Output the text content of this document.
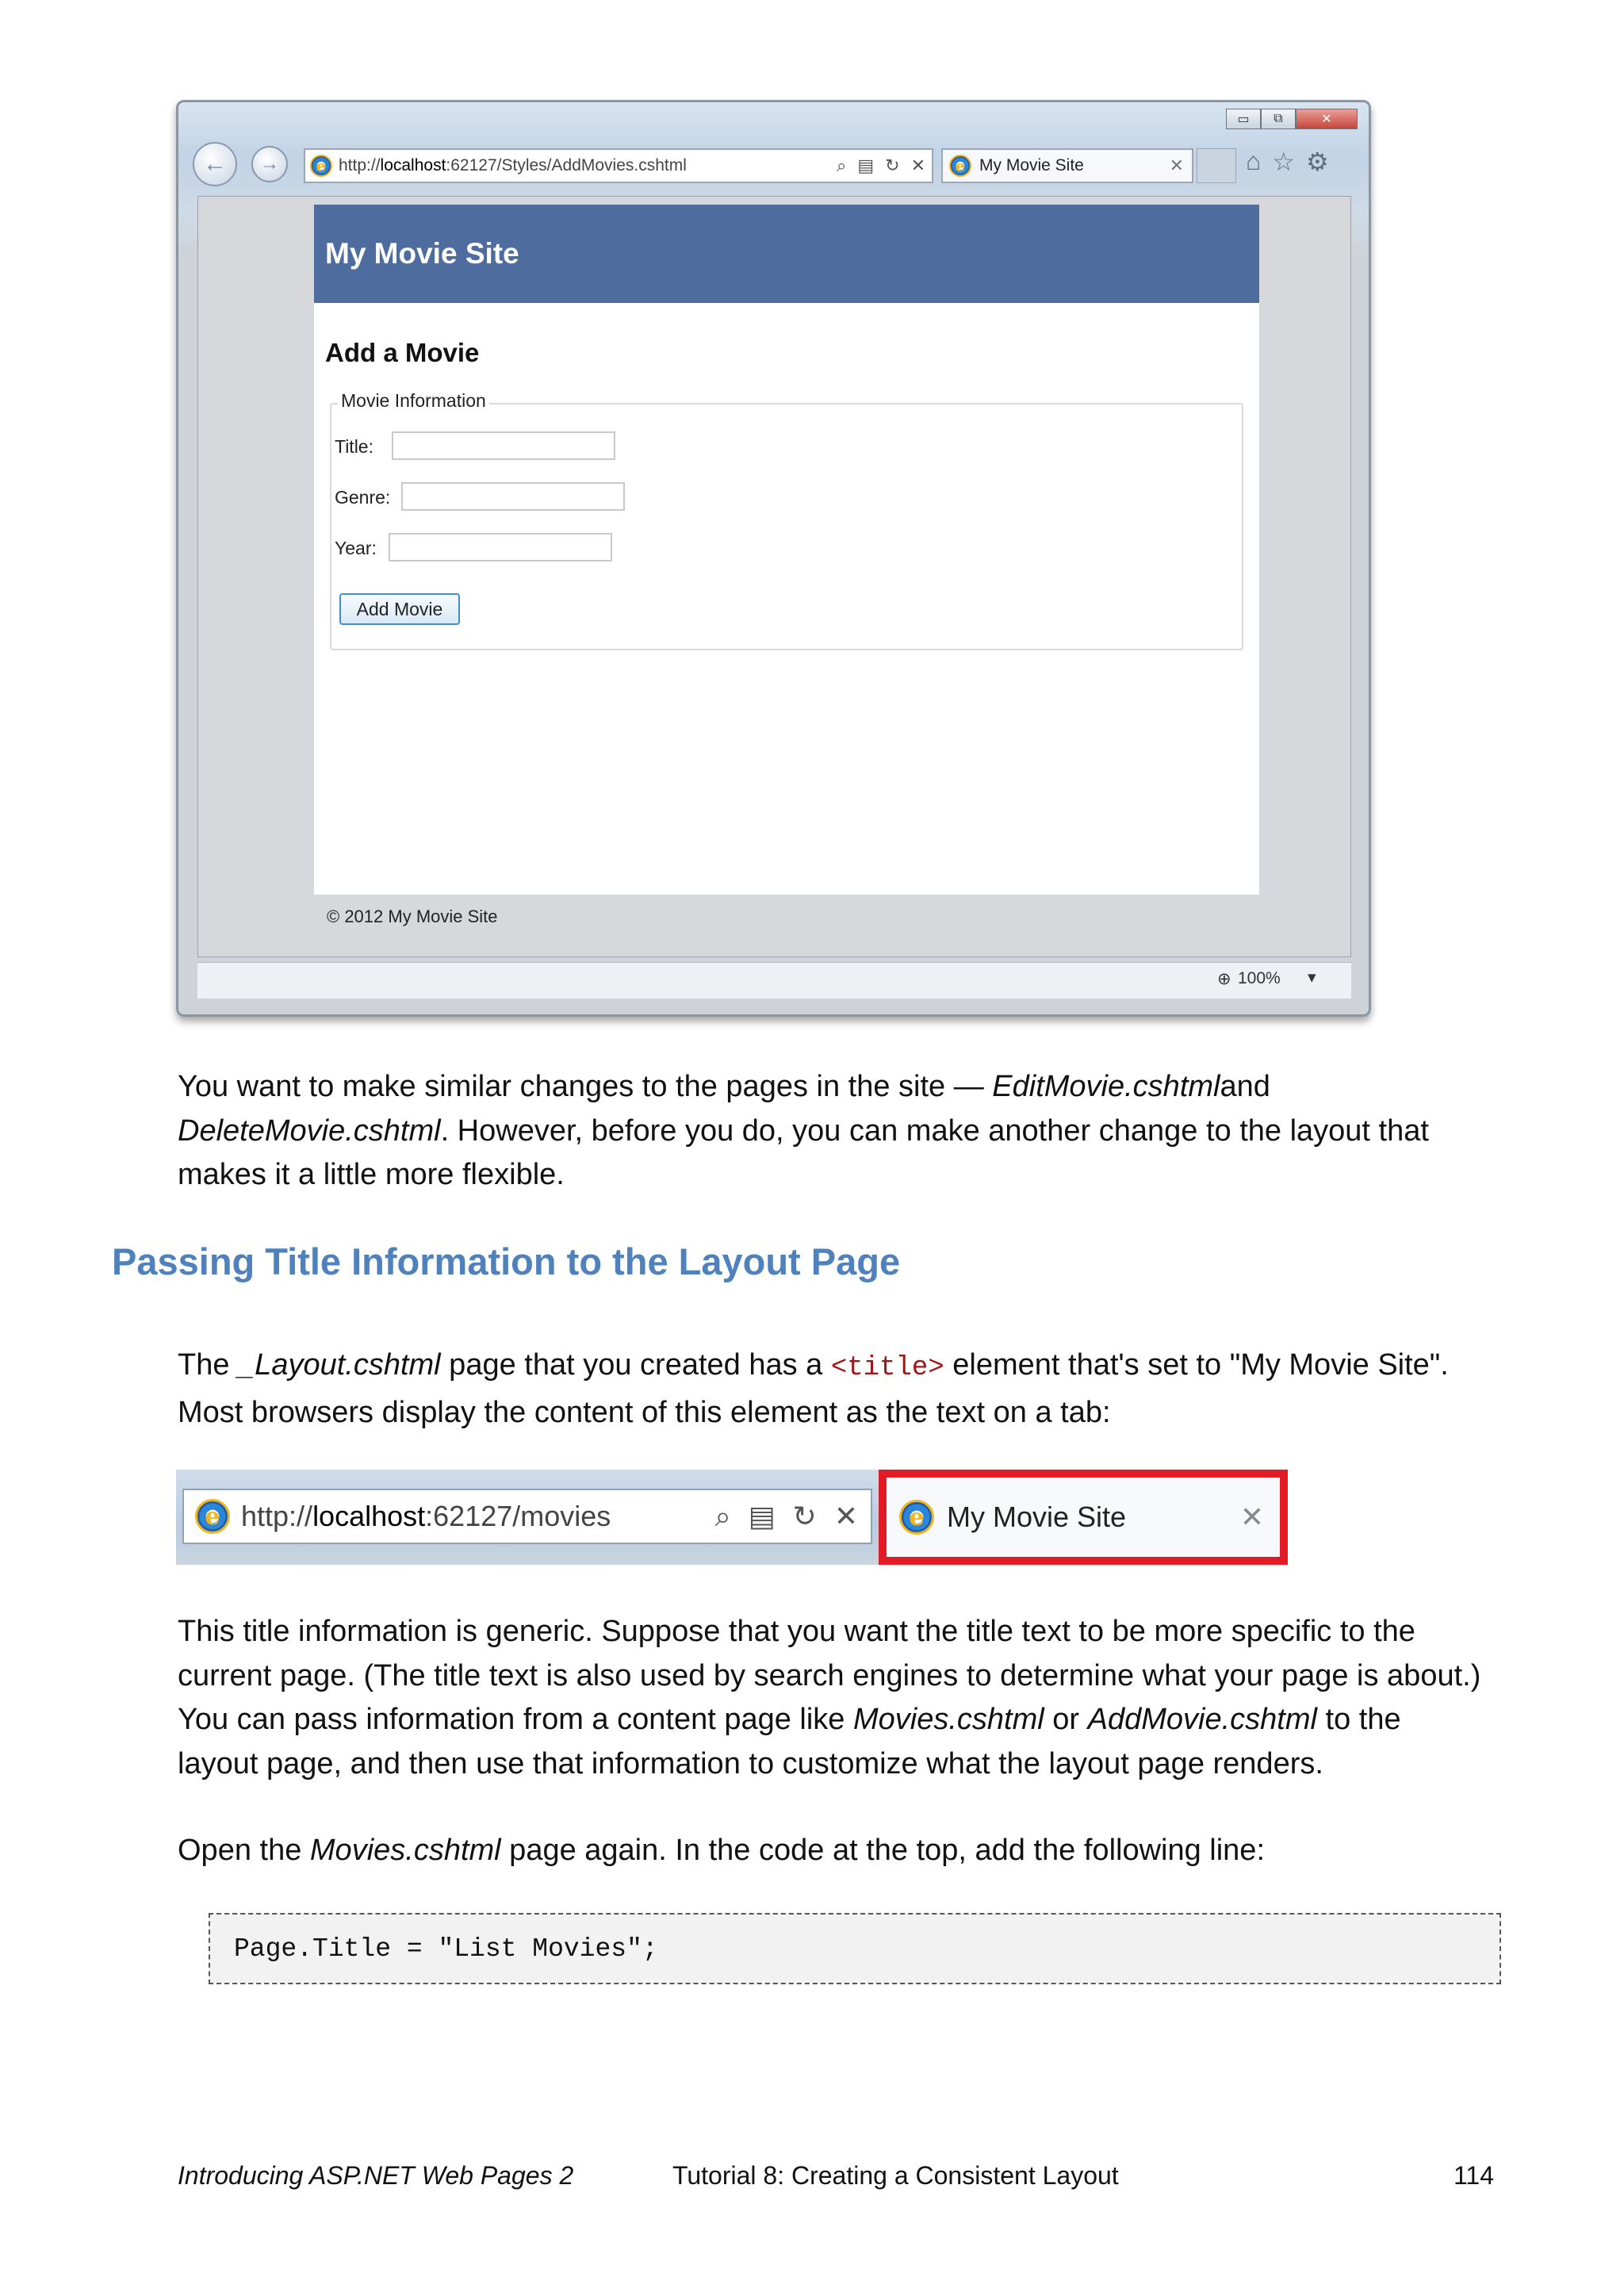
▭	⧉	✕
←	→	e http://localhost:62127/Styles/AddMovies.cshtml	⌕ ▤ ↻ ✕	e My Movie Site	✕ ⌂ ☆ ⚙
My Movie Site
Add a Movie
Movie Information
Title:
Genre:
Year:
Add Movie
© 2012 My Movie Site
⊕ 100% ▾
You want to make similar changes to the pages in the site — EditMovie.cshtmland
DeleteMovie.cshtml. However, before you do, you can make another change to the layout that
makes it a little more flexible.
Passing Title Information to the Layout Page
The _Layout.cshtml page that you created has a <title> element that's set to "My Movie Site".
Most browsers display the content of this element as the text on a tab:
e http://localhost:62127/movies	⌕ ▤ ↻ ✕	e My Movie Site	✕
This title information is generic. Suppose that you want the title text to be more specific to the
current page. (The title text is also used by search engines to determine what your page is about.)
You can pass information from a content page like Movies.cshtml or AddMovie.cshtml to the
layout page, and then use that information to customize what the layout page renders.
Open the Movies.cshtml page again. In the code at the top, add the following line:
Page.Title = "List Movies";
Introducing ASP.NET Web Pages 2	Tutorial 8: Creating a Consistent Layout	114
